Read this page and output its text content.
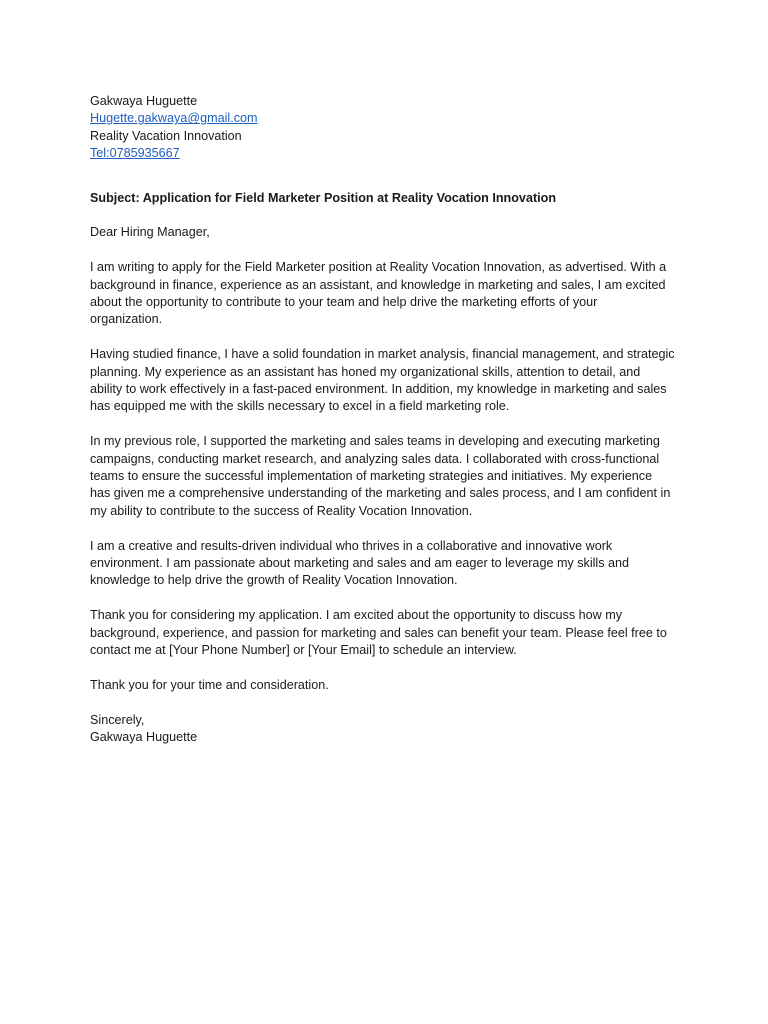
Gakwaya Huguette
Hugette.gakwaya@gmail.com
Reality Vacation Innovation
Tel:0785935667
Subject: Application for Field Marketer Position at Reality Vocation Innovation
Dear Hiring Manager,
I am writing to apply for the Field Marketer position at Reality Vocation Innovation, as advertised. With a
background in finance, experience as an assistant, and knowledge in marketing and sales, I am excited
about the opportunity to contribute to your team and help drive the marketing efforts of your
organization.
Having studied finance, I have a solid foundation in market analysis, financial management, and strategic
planning. My experience as an assistant has honed my organizational skills, attention to detail, and
ability to work effectively in a fast-paced environment. In addition, my knowledge in marketing and sales
has equipped me with the skills necessary to excel in a field marketing role.
In my previous role, I supported the marketing and sales teams in developing and executing marketing
campaigns, conducting market research, and analyzing sales data. I collaborated with cross-functional
teams to ensure the successful implementation of marketing strategies and initiatives. My experience
has given me a comprehensive understanding of the marketing and sales process, and I am confident in
my ability to contribute to the success of Reality Vocation Innovation.
I am a creative and results-driven individual who thrives in a collaborative and innovative work
environment. I am passionate about marketing and sales and am eager to leverage my skills and
knowledge to help drive the growth of Reality Vocation Innovation.
Thank you for considering my application. I am excited about the opportunity to discuss how my
background, experience, and passion for marketing and sales can benefit your team. Please feel free to
contact me at [Your Phone Number] or [Your Email] to schedule an interview.
Thank you for your time and consideration.
Sincerely,
Gakwaya Huguette
